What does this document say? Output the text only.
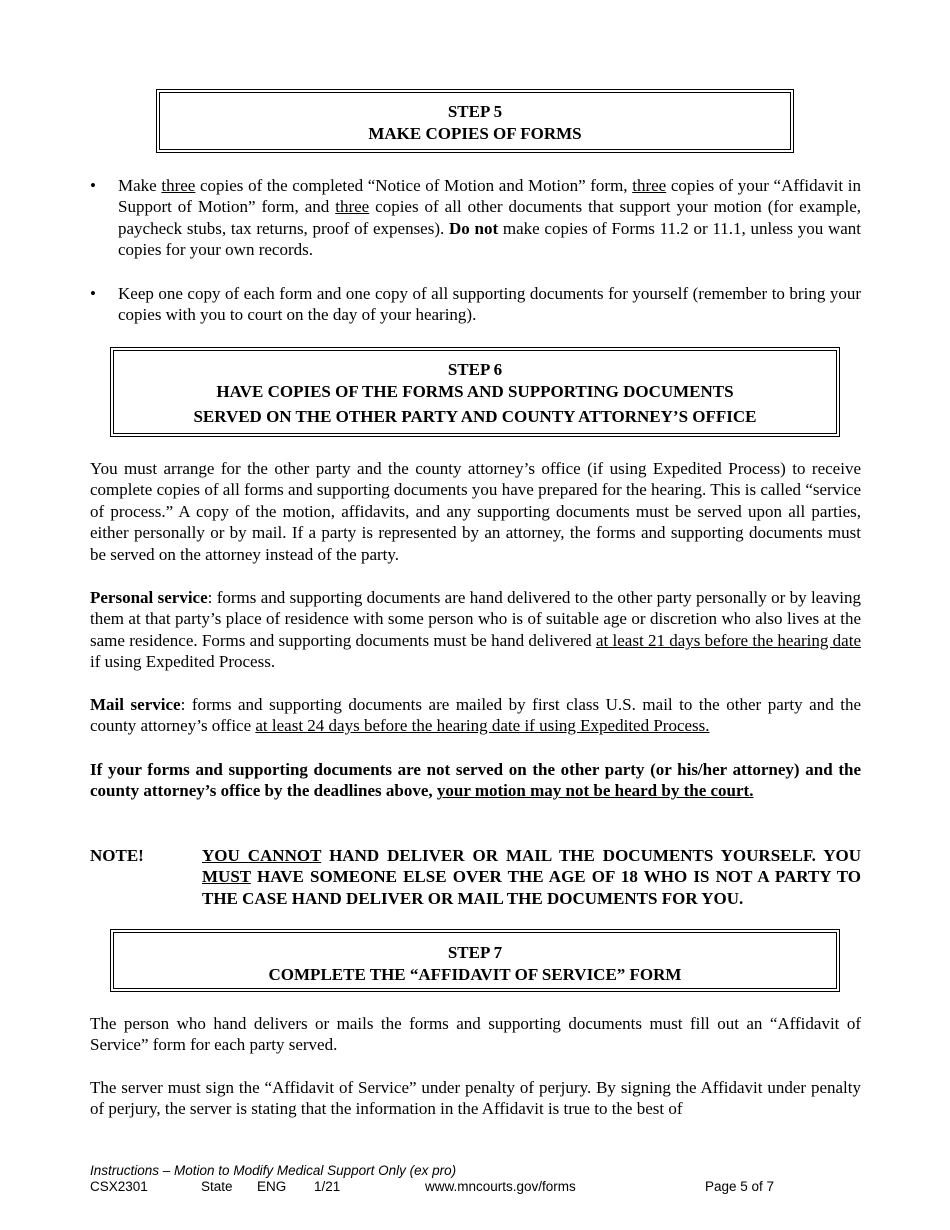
STEP 5
MAKE COPIES OF FORMS
•	Make three copies of the completed “Notice of Motion and Motion” form, three copies of your “Affidavit in Support of Motion” form, and three copies of all other documents that support your motion (for example, paycheck stubs, tax returns, proof of expenses). Do not make copies of Forms 11.2 or 11.1, unless you want copies for your own records.
•	Keep one copy of each form and one copy of all supporting documents for yourself (remember to bring your copies with you to court on the day of your hearing).
STEP 6
HAVE COPIES OF THE FORMS AND SUPPORTING DOCUMENTS
SERVED ON THE OTHER PARTY AND COUNTY ATTORNEY’S OFFICE
You must arrange for the other party and the county attorney’s office (if using Expedited Process) to receive complete copies of all forms and supporting documents you have prepared for the hearing. This is called “service of process.” A copy of the motion, affidavits, and any supporting documents must be served upon all parties, either personally or by mail. If a party is represented by an attorney, the forms and supporting documents must be served on the attorney instead of the party.
Personal service: forms and supporting documents are hand delivered to the other party personally or by leaving them at that party’s place of residence with some person who is of suitable age or discretion who also lives at the same residence. Forms and supporting documents must be hand delivered at least 21 days before the hearing date if using Expedited Process.
Mail service: forms and supporting documents are mailed by first class U.S. mail to the other party and the county attorney’s office at least 24 days before the hearing date if using Expedited Process.
If your forms and supporting documents are not served on the other party (or his/her attorney) and the county attorney’s office by the deadlines above, your motion may not be heard by the court.
NOTE!	YOU CANNOT HAND DELIVER OR MAIL THE DOCUMENTS YOURSELF. YOU MUST HAVE SOMEONE ELSE OVER THE AGE OF 18 WHO IS NOT A PARTY TO THE CASE HAND DELIVER OR MAIL THE DOCUMENTS FOR YOU.
STEP 7
COMPLETE THE “AFFIDAVIT OF SERVICE” FORM
The person who hand delivers or mails the forms and supporting documents must fill out an “Affidavit of Service” form for each party served.
The server must sign the “Affidavit of Service” under penalty of perjury. By signing the Affidavit under penalty of perjury, the server is stating that the information in the Affidavit is true to the best of
Instructions – Motion to Modify Medical Support Only (ex pro)
CSX2301	State ENG 1/21	www.mncourts.gov/forms	Page 5 of 7
